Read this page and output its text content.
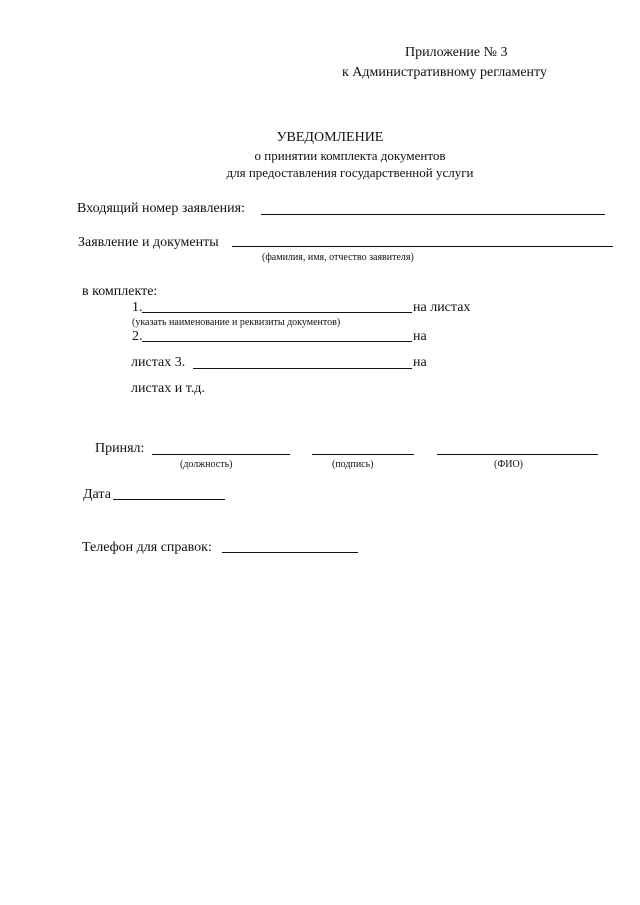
Приложение № 3
к Административному регламенту
УВЕДОМЛЕНИЕ
о принятии комплекта документов
для предоставления государственной услуги
Входящий номер заявления:
Заявление и документы
(фамилия, имя, отчество заявителя)
в комплекте:
1.	на листах
(указать наименование и реквизиты документов)
2.	на
листах 3.	на
листах и т.д.
Принял:
(должность)	(подпись)	(ФИО)
Дата
Телефон для справок:
